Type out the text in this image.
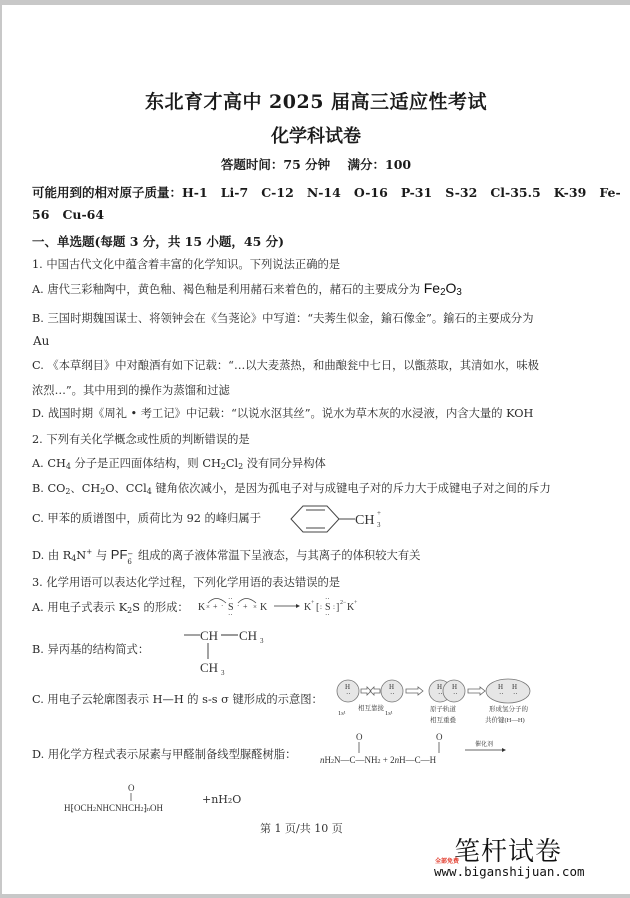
东北育才高中 2025 届高三适应性考试
化学科试卷
答题时间：75 分钟    满分：100
可能用到的相对原子质量：H-1   Li-7   C-12   N-14   O-16   P-31   S-32   Cl-35.5   K-39   Fe-
56   Cu-64
一、单选题(每题 3 分，共 15 小题，45 分)
1. 中国古代文化中蕴含着丰富的化学知识。下列说法正确的是
A. 唐代三彩釉陶中，黄色釉、褐色釉是利用赭石来着色的，赭石的主要成分为 $Fe_2O_3$
B. 三国时期魏国谋士、将领钟会在《刍荛论》中写道：“夫莠生似金，鍮石像金”。鍮石的主要成分为
Au
C. 《本草纲目》中对酿酒有如下记载：“…以大麦蒸热，和曲酿瓮中七日，以甑蒸取，其清如水，味极
浓烈…”。其中用到的操作为蒸馏和过滤
D. 战国时期《周礼 • 考工记》中记载：“以说水沤其丝”。说水为草木灰的水浸液，内含大量的 KOH
2. 下列有关化学概念或性质的判断错误的是
A. $CH_4$ 分子是正四面体结构，则 $CH_2Cl_2$ 没有同分异构体
B. $CO_2$、$CH_2O$、CCl$_4$ 键角依次减小，是因为孤电子对与成键电子对的斥力大于成键电子对之间的斥力
C. 甲苯的质谱图中，质荷比为 92 的峰归属于	CH 3
+
D. 由 $R_4N^+$ 与 PF −
6 组成的离子液体常温下呈液态，与其离子的体积较大有关
3. 化学用语可以表达化学过程，下列化学用语的表达错误的是
A. 用电子式表示 $K_2S$ 的形成： K × + · S
··
··
· + × K	K + [ : S
··
··
: ] 2− K +
B. 异丙基的结构简式：
CH CH 3
CH 3
C. 用电子云轮廓图表示 H—H 的 s-s σ 键形成的示意图：
H
··
H
··
H
··
H
··
H
··
H
··
1s¹
相互靠拢
1s¹
原子轨道
相互重叠
形成氢分子的
共价键(H—H)
D. 用化学方程式表示尿素与甲醛制备线型脲醛树脂：
O
nH2N—C—NH2 + 2nH—C—H
O
催化剂
O
H⁅OCH2NHCNHCH2⁆nOH
+nH₂O
第 1 页/共 10 页
全部免费
笔杆试卷
www.biganshijuan.com
